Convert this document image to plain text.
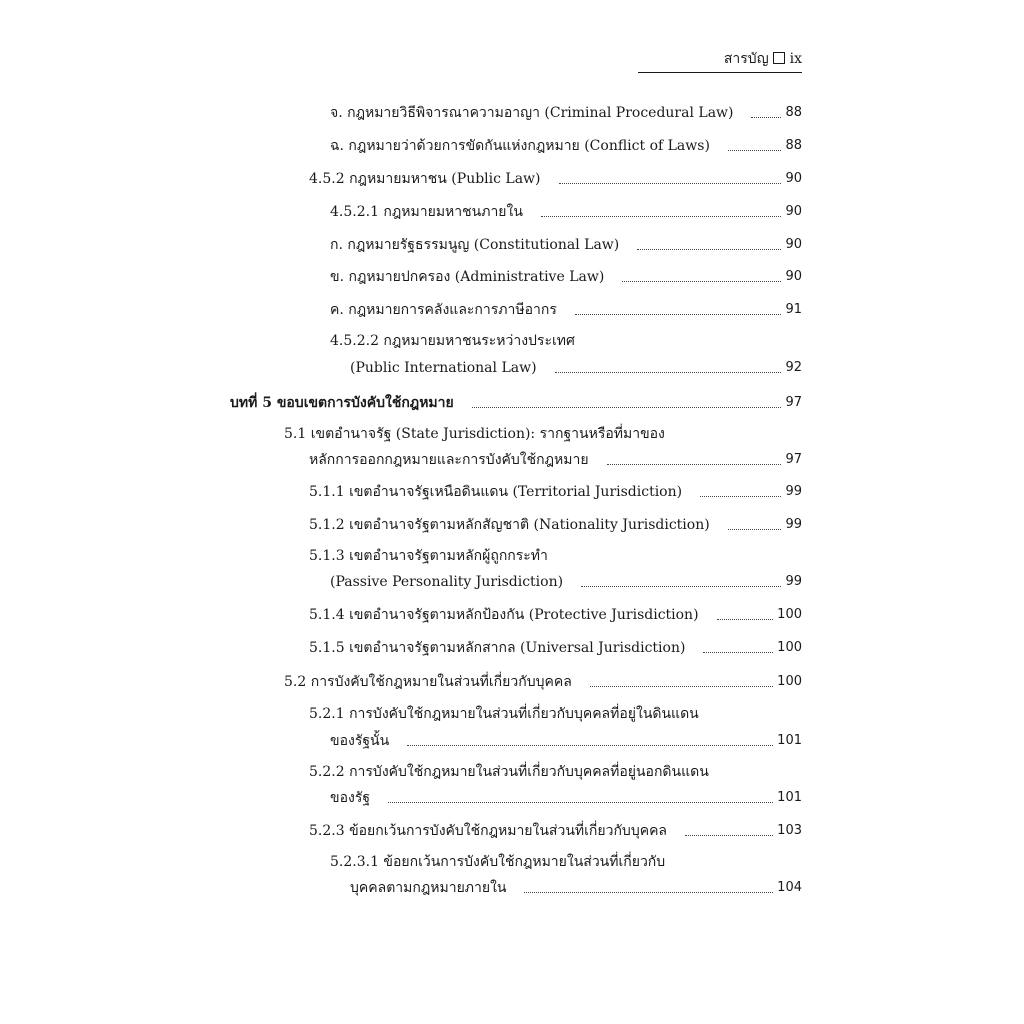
สารบัญ ix
จ. กฎหมายวิธีพิจารณาความอาญา (Criminal Procedural Law)	88
ฉ. กฎหมายว่าด้วยการขัดกันแห่งกฎหมาย (Conflict of Laws)	88
4.5.2 กฎหมายมหาชน (Public Law)	90
4.5.2.1 กฎหมายมหาชนภายใน	90
ก. กฎหมายรัฐธรรมนูญ (Constitutional Law)	90
ข. กฎหมายปกครอง (Administrative Law)	90
ค. กฎหมายการคลังและการภาษีอากร	91
4.5.2.2 กฎหมายมหาชนระหว่างประเทศ
(Public International Law)	92
บทที่ 5 ขอบเขตการบังคับใช้กฎหมาย	97
5.1 เขตอำนาจรัฐ (State Jurisdiction): รากฐานหรือที่มาของ
หลักการออกกฎหมายและการบังคับใช้กฎหมาย	97
5.1.1 เขตอำนาจรัฐเหนือดินแดน (Territorial Jurisdiction)	99
5.1.2 เขตอำนาจรัฐตามหลักสัญชาติ (Nationality Jurisdiction)	99
5.1.3 เขตอำนาจรัฐตามหลักผู้ถูกกระทำ
(Passive Personality Jurisdiction)	99
5.1.4 เขตอำนาจรัฐตามหลักป้องกัน (Protective Jurisdiction)	100
5.1.5 เขตอำนาจรัฐตามหลักสากล (Universal Jurisdiction)	100
5.2 การบังคับใช้กฎหมายในส่วนที่เกี่ยวกับบุคคล	100
5.2.1 การบังคับใช้กฎหมายในส่วนที่เกี่ยวกับบุคคลที่อยู่ในดินแดน
ของรัฐนั้น	101
5.2.2 การบังคับใช้กฎหมายในส่วนที่เกี่ยวกับบุคคลที่อยู่นอกดินแดน
ของรัฐ	101
5.2.3 ข้อยกเว้นการบังคับใช้กฎหมายในส่วนที่เกี่ยวกับบุคคล	103
5.2.3.1 ข้อยกเว้นการบังคับใช้กฎหมายในส่วนที่เกี่ยวกับ
บุคคลตามกฎหมายภายใน	104
